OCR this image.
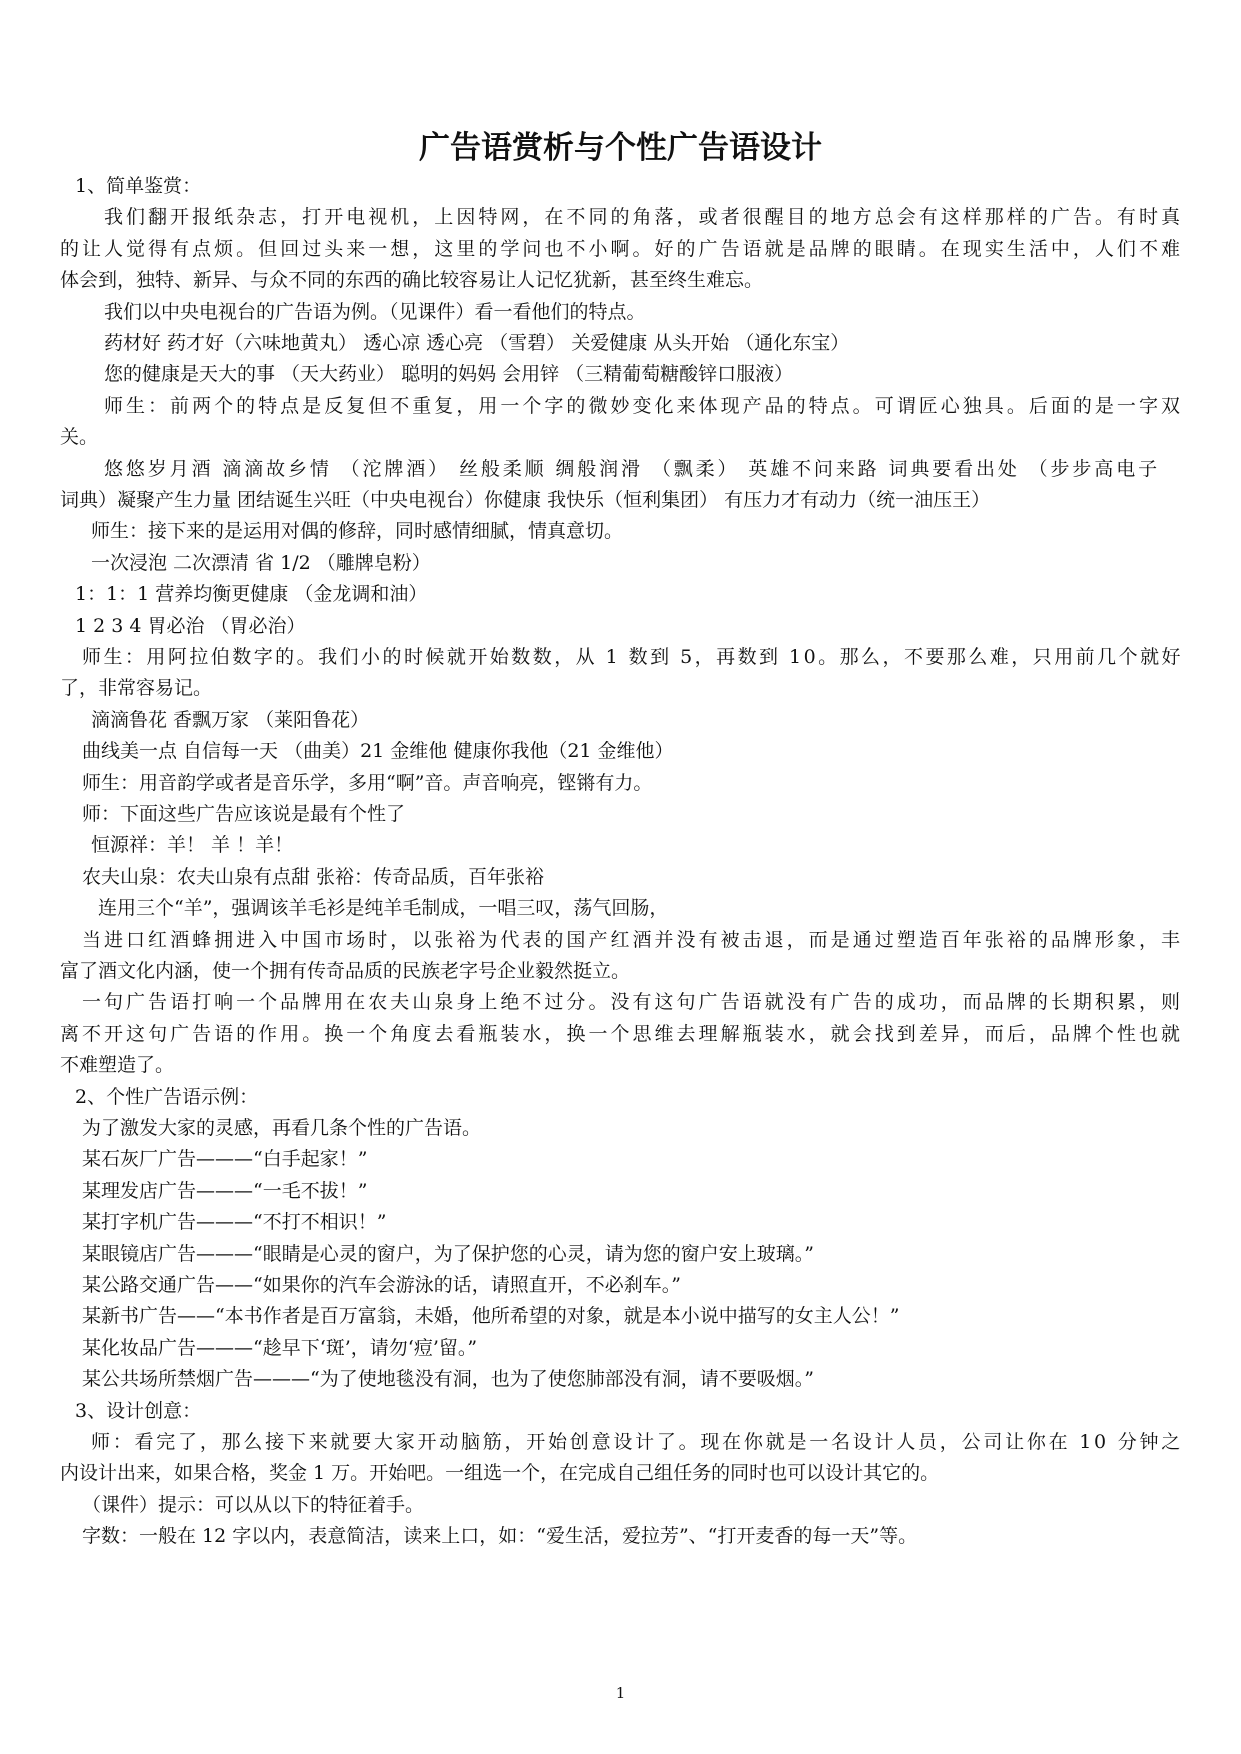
广告语赏析与个性广告语设计
1、简单鉴赏：
我们翻开报纸杂志，打开电视机，上因特网，在不同的角落，或者很醒目的地方总会有这样那样的广告。有时真
的让人觉得有点烦。但回过头来一想，这里的学问也不小啊。好的广告语就是品牌的眼睛。在现实生活中，人们不难
体会到，独特、新异、与众不同的东西的确比较容易让人记忆犹新，甚至终生难忘。
我们以中央电视台的广告语为例。（见课件）看一看他们的特点。
药材好 药才好（六味地黄丸） 透心凉 透心亮 （雪碧） 关爱健康 从头开始 （通化东宝）
您的健康是天大的事 （天大药业） 聪明的妈妈 会用锌 （三精葡萄糖酸锌口服液）
师生：前两个的特点是反复但不重复，用一个字的微妙变化来体现产品的特点。可谓匠心独具。后面的是一字双
关。
悠悠岁月酒 滴滴故乡情 （沱牌酒） 丝般柔顺 绸般润滑 （飘柔） 英雄不问来路 词典要看出处 （步步高电子
词典）凝聚产生力量 团结诞生兴旺（中央电视台）你健康 我快乐（恒利集团） 有压力才有动力（统一油压王）
师生：接下来的是运用对偶的修辞，同时感情细腻，情真意切。
一次浸泡 二次漂清 省 1/2 （雕牌皂粉）
1：1：1 营养均衡更健康 （金龙调和油）
1 2 3 4 胃必治 （胃必治）
师生：用阿拉伯数字的。我们小的时候就开始数数，从 1 数到 5，再数到 10。那么，不要那么难，只用前几个就好
了，非常容易记。
滴滴鲁花 香飘万家 （莱阳鲁花）
曲线美一点 自信每一天 （曲美）21 金维他 健康你我他（21 金维他）
师生：用音韵学或者是音乐学，多用“啊”音。声音响亮，铿锵有力。
师：下面这些广告应该说是最有个性了
恒源祥：羊！ 羊 ！羊！
农夫山泉：农夫山泉有点甜 张裕：传奇品质，百年张裕
连用三个“羊”，强调该羊毛衫是纯羊毛制成，一唱三叹，荡气回肠，
当进口红酒蜂拥进入中国市场时，以张裕为代表的国产红酒并没有被击退，而是通过塑造百年张裕的品牌形象，丰
富了酒文化内涵，使一个拥有传奇品质的民族老字号企业毅然挺立。
一句广告语打响一个品牌用在农夫山泉身上绝不过分。没有这句广告语就没有广告的成功，而品牌的长期积累，则
离不开这句广告语的作用。换一个角度去看瓶装水，换一个思维去理解瓶装水，就会找到差异，而后，品牌个性也就
不难塑造了。
2、个性广告语示例：
为了激发大家的灵感，再看几条个性的广告语。
某石灰厂广告———“白手起家！”
某理发店广告———“一毛不拔！”
某打字机广告———“不打不相识！”
某眼镜店广告———“眼睛是心灵的窗户，为了保护您的心灵，请为您的窗户安上玻璃。”
某公路交通广告——“如果你的汽车会游泳的话，请照直开，不必刹车。”
某新书广告——“本书作者是百万富翁，未婚，他所希望的对象，就是本小说中描写的女主人公！”
某化妆品广告———“趁早下‘斑’，请勿‘痘’留。”
某公共场所禁烟广告———“为了使地毯没有洞，也为了使您肺部没有洞，请不要吸烟。”
3、设计创意：
师：看完了，那么接下来就要大家开动脑筋，开始创意设计了。现在你就是一名设计人员，公司让你在 10 分钟之
内设计出来，如果合格，奖金 1 万。开始吧。一组选一个，在完成自己组任务的同时也可以设计其它的。
（课件）提示：可以从以下的特征着手。
字数：一般在 12 字以内，表意简洁，读来上口，如：“爱生活，爱拉芳”、“打开麦香的每一天”等。
1
